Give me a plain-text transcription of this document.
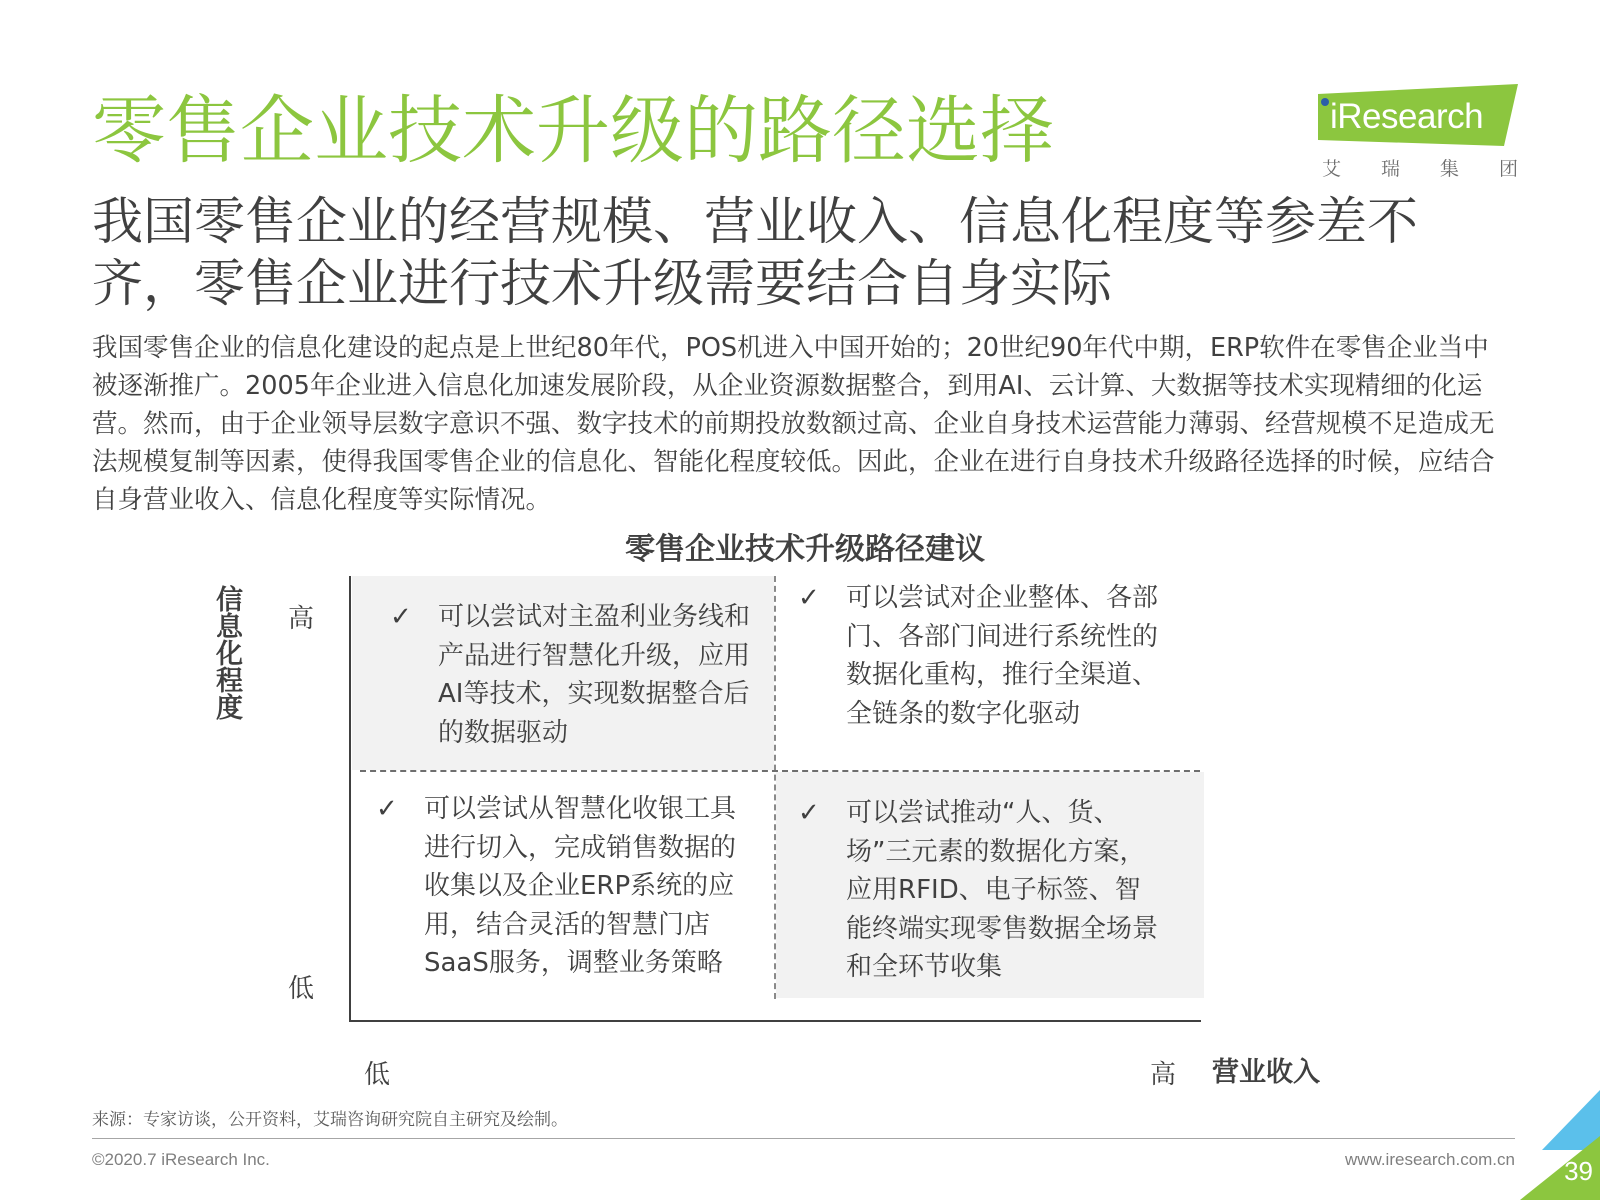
零售企业技术升级的路径选择
我国零售企业的经营规模、营业收入、信息化程度等参差不齐，零售企业进行技术升级需要结合自身实际

我国零售企业的信息化建设的起点是上世纪80年代，POS机进入中国开始的；20世纪90年代中期，ERP软件在零售企业当中被逐渐推广。2005年企业进入信息化加速发展阶段，从企业资源数据整合，到用AI、云计算、大数据等技术实现精细的化运营。然而，由于企业领导层数字意识不强、数字技术的前期投放数额过高、企业自身技术运营能力薄弱、经营规模不足造成无法规模复制等因素，使得我国零售企业的信息化、智能化程度较低。因此，企业在进行自身技术升级路径选择的时候，应结合自身营业收入、信息化程度等实际情况。

iResearch
艾 瑞 集 团
零售企业技术升级路径建议
信息化程度 高
低
低	高 营业收入
✓	可以尝试对主盈利业务线和产品进行智慧化升级，应用AI等技术，实现数据整合后的数据驱动
✓	可以尝试对企业整体、各部门、各部门间进行系统性的数据化重构，推行全渠道、全链条的数字化驱动
✓	可以尝试从智慧化收银工具进行切入，完成销售数据的收集以及企业ERP系统的应用，结合灵活的智慧门店SaaS服务，调整业务策略
✓	可以尝试推动“人、货、场”三元素的数据化方案，应用RFID、电子标签、智能终端实现零售数据全场景和全环节收集
来源：专家访谈，公开资料，艾瑞咨询研究院自主研究及绘制。
©2020.7 iResearch Inc.	www.iresearch.com.cn 39
